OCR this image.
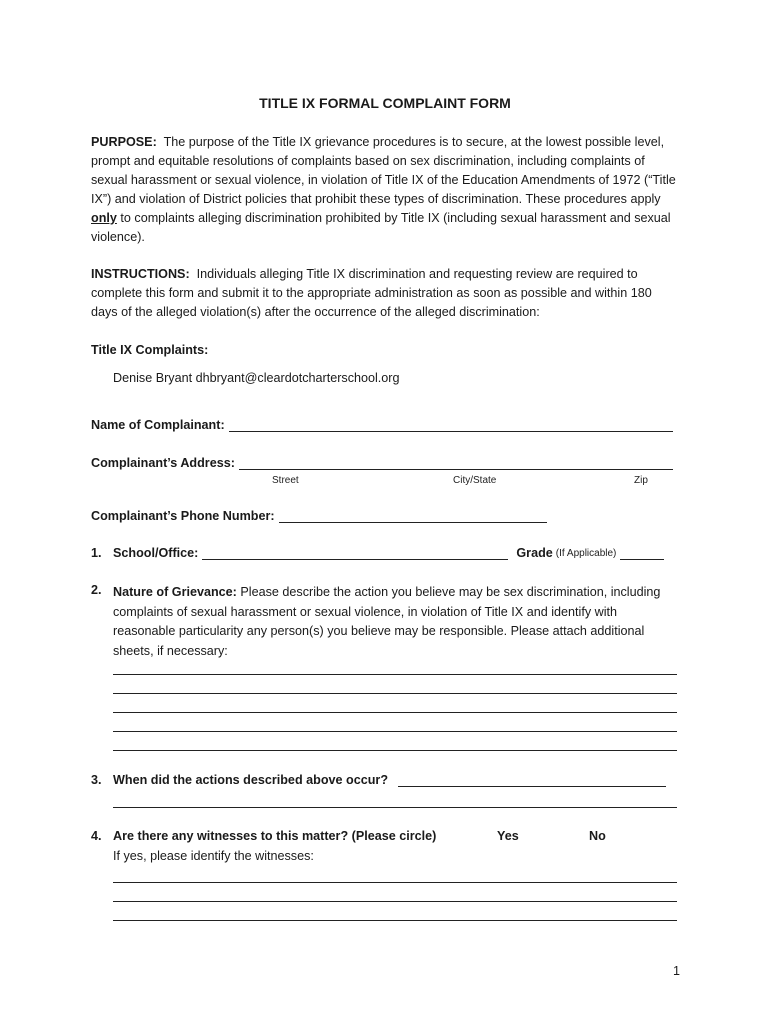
TITLE IX FORMAL COMPLAINT FORM
PURPOSE: The purpose of the Title IX grievance procedures is to secure, at the lowest possible level, prompt and equitable resolutions of complaints based on sex discrimination, including complaints of sexual harassment or sexual violence, in violation of Title IX of the Education Amendments of 1972 (“Title IX”) and violation of District policies that prohibit these types of discrimination. These procedures apply only to complaints alleging discrimination prohibited by Title IX (including sexual harassment and sexual violence).
INSTRUCTIONS: Individuals alleging Title IX discrimination and requesting review are required to complete this form and submit it to the appropriate administration as soon as possible and within 180 days of the alleged violation(s) after the occurrence of the alleged discrimination:
Title IX Complaints:
Denise Bryant dhbryant@cleardotcharterschool.org
Name of Complainant:
Complainant’s Address:
Street	City/State	Zip
Complainant’s Phone Number:
1. School/Office:	Grade (If Applicable)
2. Nature of Grievance: Please describe the action you believe may be sex discrimination, including complaints of sexual harassment or sexual violence, in violation of Title IX and identify with reasonable particularity any person(s) you believe may be responsible. Please attach additional sheets, if necessary:
3. When did the actions described above occur?
4. Are there any witnesses to this matter? (Please circle)	Yes	No
If yes, please identify the witnesses:
1
